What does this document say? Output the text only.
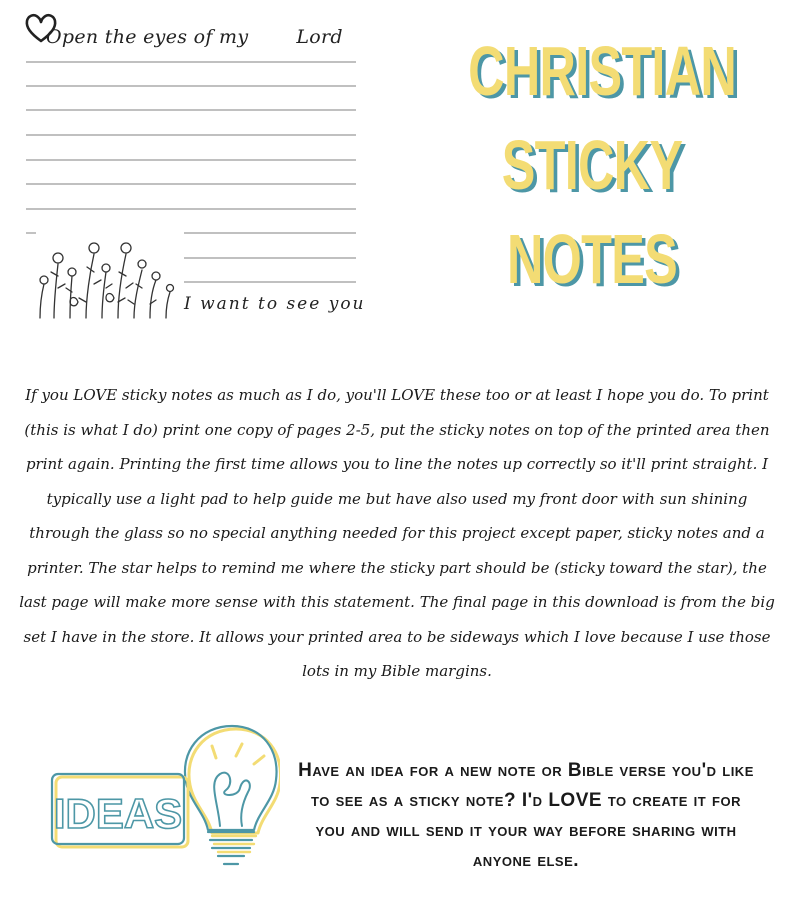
Open the eyes of my	Lord
I want to see you
CHRISTIAN
STICKY
NOTES

If you LOVE sticky notes as much as I do, you'll LOVE these too or at least I hope you do. To print (this is what I do) print one copy of pages 2-5, put the sticky notes on top of the printed area then print again. Printing the first time allows you to line the notes up correctly so it'll print straight. I typically use a light pad to help guide me but have also used my front door with sun shining through the glass so no special anything needed for this project except paper, sticky notes and a printer. The star helps to remind me where the sticky part should be (sticky toward the star), the last page will make more sense with this statement. The final page in this download is from the big set I have in the store. It allows your printed area to be sideways which I love because I use those lots in my Bible margins.

IDEAS

Have an idea for a new note or Bible verse you'd like to see as a sticky note? I'd LOVE to create it for you and will send it your way before sharing with anyone else.
